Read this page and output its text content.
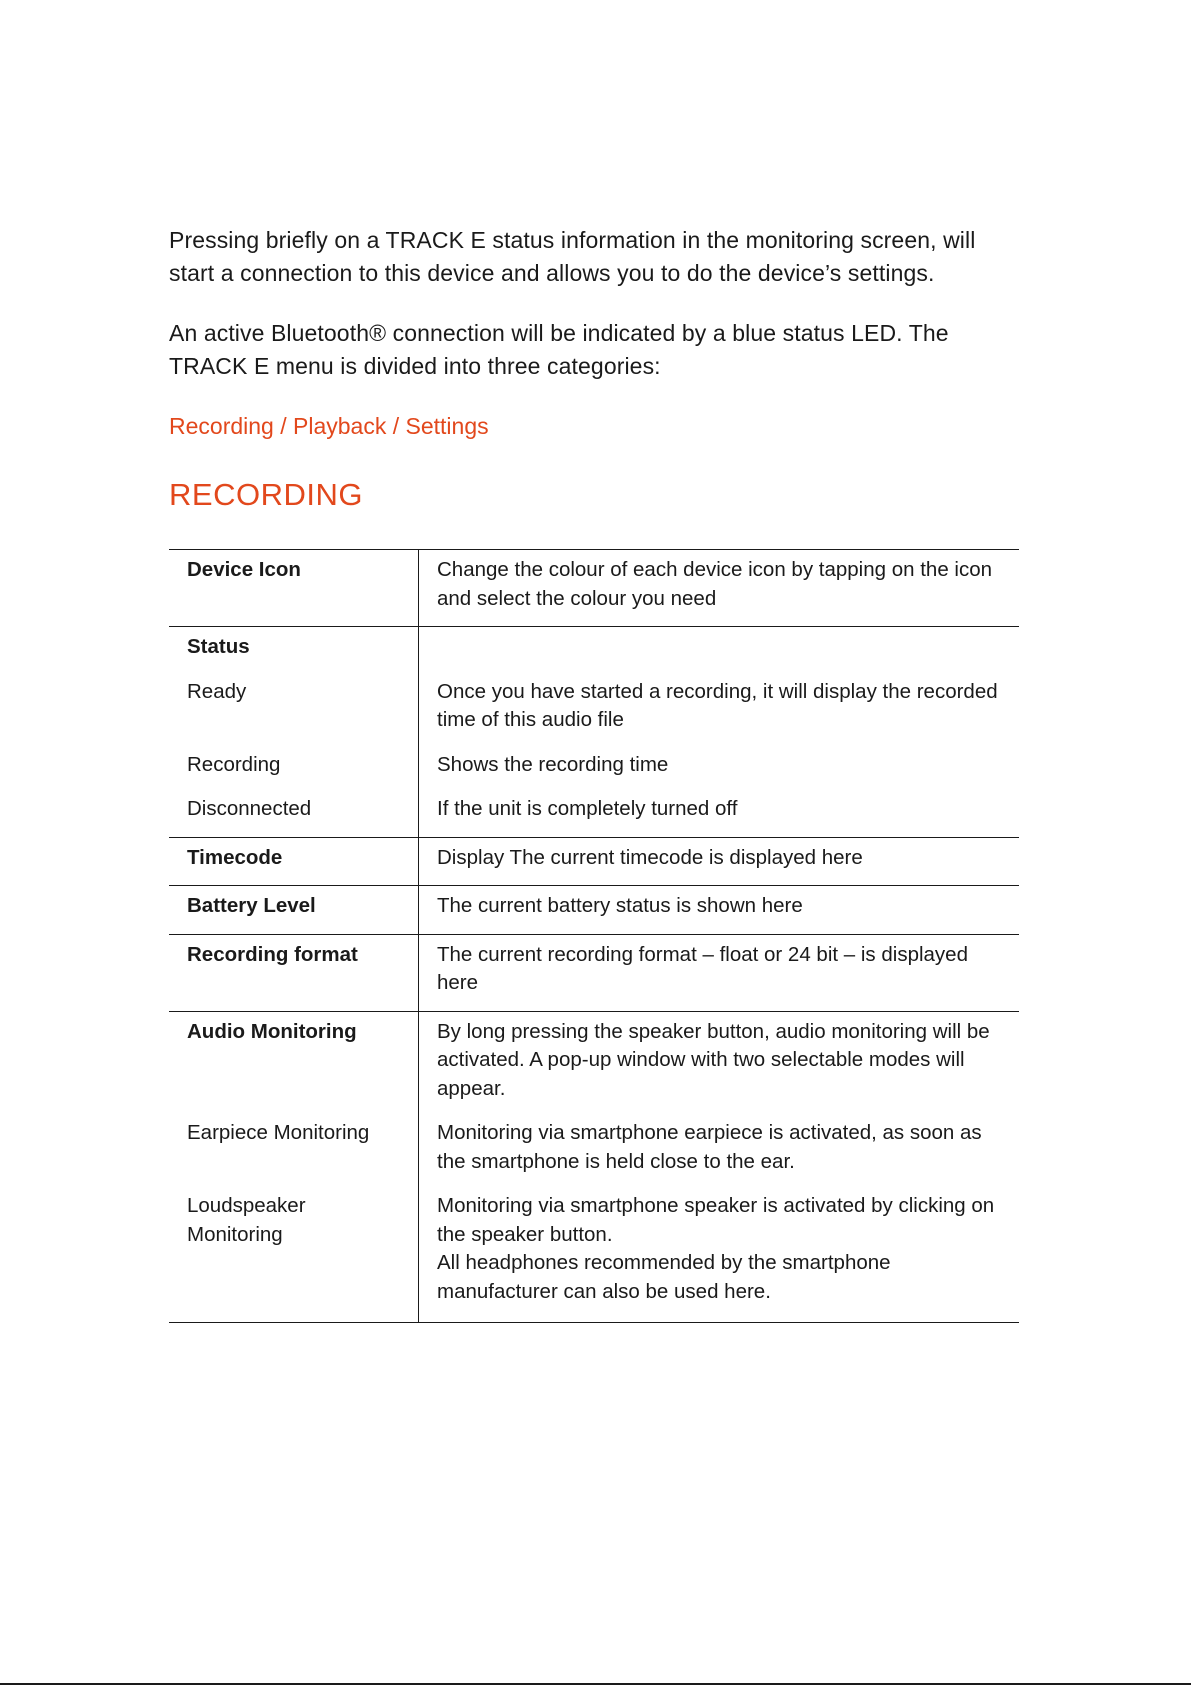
Pressing briefly on a TRACK E status information in the monitoring screen, will
start a connection to this device and allows you to do the device’s settings.

An active Bluetooth® connection will be indicated by a blue status LED. The
TRACK E menu is divided into three categories:

Recording / Playback / Settings

RECORDING
Device Icon	Change the colour of each device icon by tapping on the icon and select the colour you need
Status	
Ready	Once you have started a recording, it will display the recorded time of this audio file
Recording	Shows the recording time
Disconnected	If the unit is completely turned off
Timecode	Display The current timecode is displayed here
Battery Level	The current battery status is shown here
Recording format	The current recording format – float or 24 bit – is displayed here
Audio Monitoring	By long pressing the speaker button, audio monitoring will be activated. A pop-up window with two selectable modes will appear.
Earpiece Monitoring	Monitoring via smartphone earpiece is activated, as soon as the smartphone is held close to the ear.
Loudspeaker Monitoring	Monitoring via smartphone speaker is activated by clicking on the speaker button.
All headphones recommended by the smartphone manufacturer can also be used here.
